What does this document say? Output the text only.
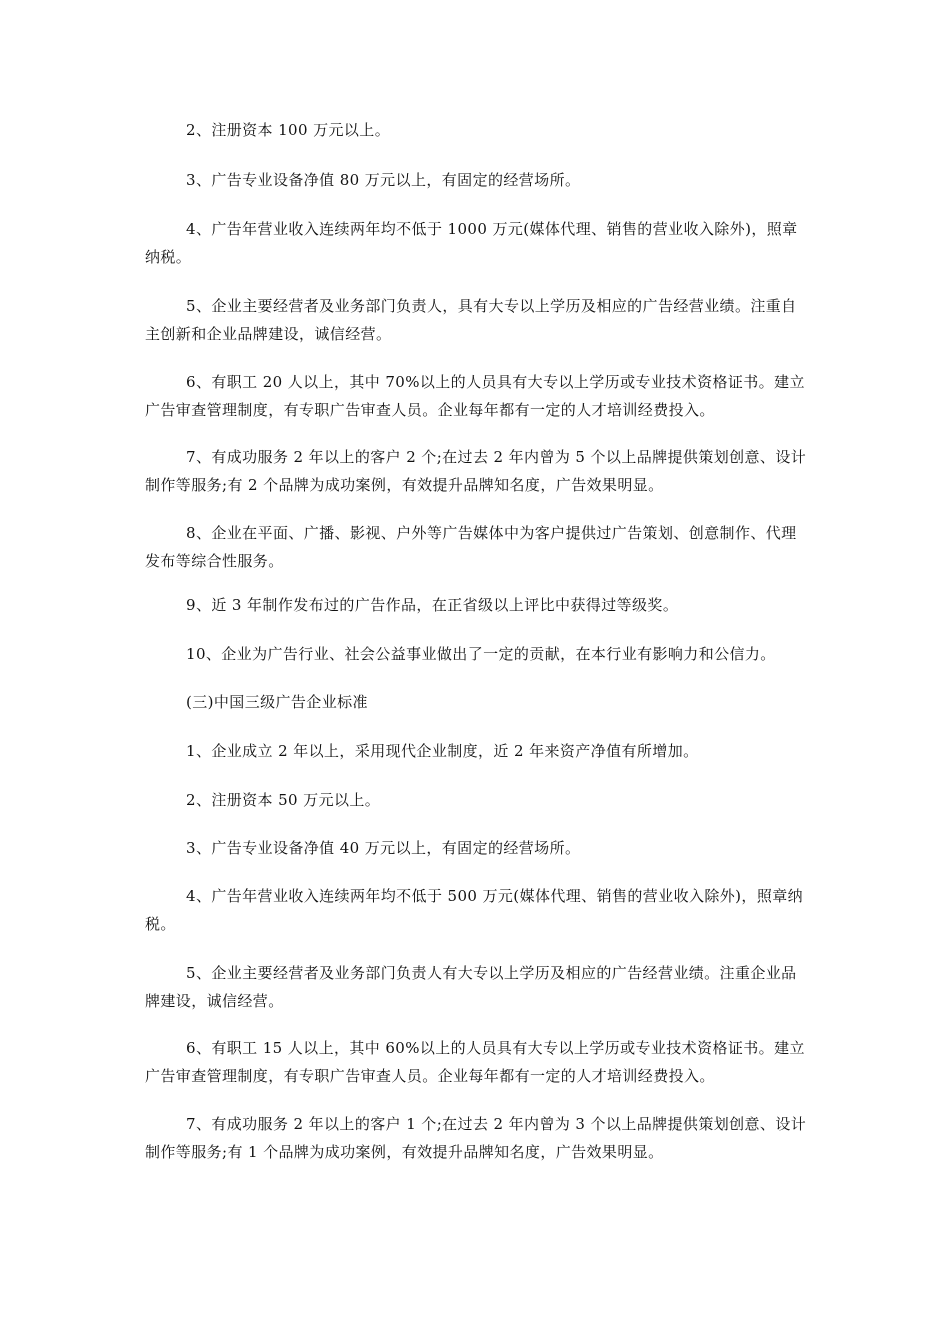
2、注册资本 100 万元以上。

3、广告专业设备净值 80 万元以上，有固定的经营场所。

4、广告年营业收入连续两年均不低于 1000 万元(媒体代理、销售的营业收入除外)，照章纳税。

5、企业主要经营者及业务部门负责人，具有大专以上学历及相应的广告经营业绩。注重自主创新和企业品牌建设，诚信经营。

6、有职工 20 人以上，其中 70%以上的人员具有大专以上学历或专业技术资格证书。建立广告审查管理制度，有专职广告审查人员。企业每年都有一定的人才培训经费投入。

7、有成功服务 2 年以上的客户 2 个;在过去 2 年内曾为 5 个以上品牌提供策划创意、设计制作等服务;有 2 个品牌为成功案例，有效提升品牌知名度，广告效果明显。

8、企业在平面、广播、影视、户外等广告媒体中为客户提供过广告策划、创意制作、代理发布等综合性服务。

9、近 3 年制作发布过的广告作品，在正省级以上评比中获得过等级奖。

10、企业为广告行业、社会公益事业做出了一定的贡献，在本行业有影响力和公信力。

(三)中国三级广告企业标准

1、企业成立 2 年以上，采用现代企业制度，近 2 年来资产净值有所增加。

2、注册资本 50 万元以上。

3、广告专业设备净值 40 万元以上，有固定的经营场所。

4、广告年营业收入连续两年均不低于 500 万元(媒体代理、销售的营业收入除外)，照章纳税。

5、企业主要经营者及业务部门负责人有大专以上学历及相应的广告经营业绩。注重企业品牌建设，诚信经营。

6、有职工 15 人以上，其中 60%以上的人员具有大专以上学历或专业技术资格证书。建立广告审查管理制度，有专职广告审查人员。企业每年都有一定的人才培训经费投入。

7、有成功服务 2 年以上的客户 1 个;在过去 2 年内曾为 3 个以上品牌提供策划创意、设计制作等服务;有 1 个品牌为成功案例，有效提升品牌知名度，广告效果明显。
